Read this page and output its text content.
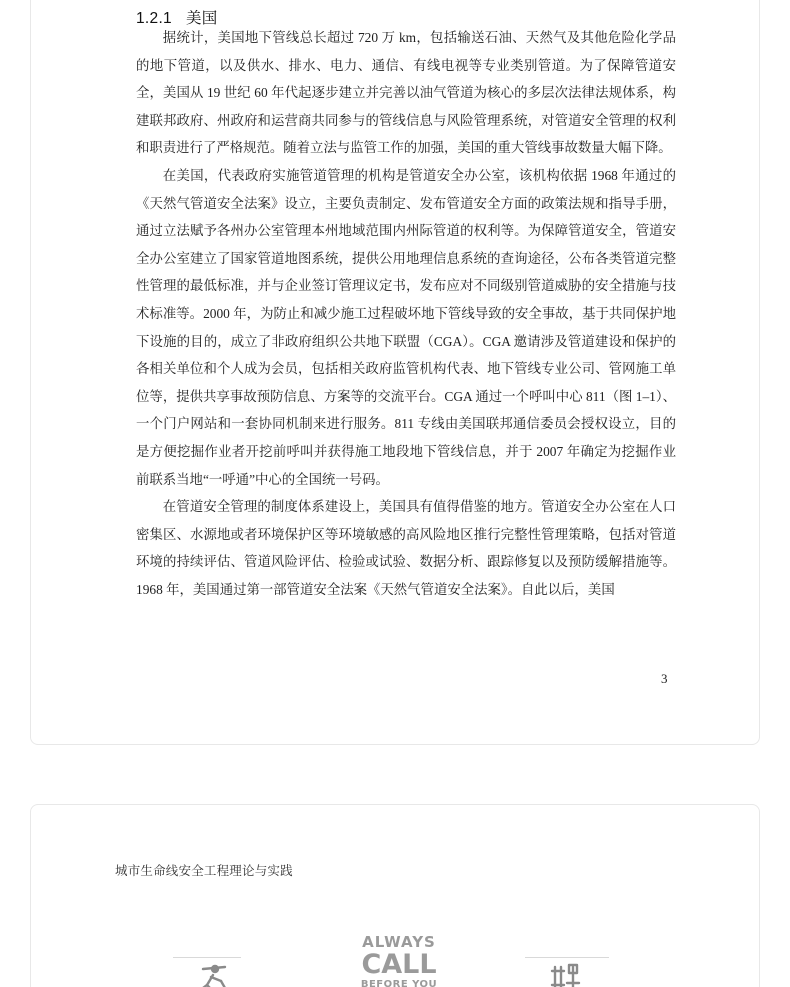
1.2.1 美国

据统计，美国地下管线总长超过 720 万 km，包括输送石油、天然气及其他危险化学品的地下管道，以及供水、排水、电力、通信、有线电视等专业类别管道。为了保障管道安全，美国从 19 世纪 60 年代起逐步建立并完善以油气管道为核心的多层次法律法规体系，构建联邦政府、州政府和运营商共同参与的管线信息与风险管理系统，对管道安全管理的权利和职责进行了严格规范。随着立法与监管工作的加强，美国的重大管线事故数量大幅下降。

在美国，代表政府实施管道管理的机构是管道安全办公室，该机构依据 1968 年通过的《天然气管道安全法案》设立，主要负责制定、发布管道安全方面的政策法规和指导手册，通过立法赋予各州办公室管理本州地域范围内州际管道的权利等。为保障管道安全，管道安全办公室建立了国家管道地图系统，提供公用地理信息系统的查询途径，公布各类管道完整性管理的最低标准，并与企业签订管理议定书，发布应对不同级别管道威胁的安全措施与技术标准等。2000 年，为防止和减少施工过程破坏地下管线导致的安全事故，基于共同保护地下设施的目的，成立了非政府组织公共地下联盟（CGA）。CGA 邀请涉及管道建设和保护的各相关单位和个人成为会员，包括相关政府监管机构代表、地下管线专业公司、管网施工单位等，提供共享事故预防信息、方案等的交流平台。CGA 通过一个呼叫中心 811（图 1–1）、一个门户网站和一套协同机制来进行服务。811 专线由美国联邦通信委员会授权设立，目的是方便挖掘作业者开挖前呼叫并获得施工地段地下管线信息，并于 2007 年确定为挖掘作业前联系当地“一呼通”中心的全国统一号码。

在管道安全管理的制度体系建设上，美国具有值得借鉴的地方。管道安全办公室在人口密集区、水源地或者环境保护区等环境敏感的高风险地区推行完整性管理策略，包括对管道环境的持续评估、管道风险评估、检验或试验、数据分析、跟踪修复以及预防缓解措施等。1968 年，美国通过第一部管道安全法案《天然气管道安全法案》。自此以后，美国

3
城市生命线安全工程理论与实践
ALWAYS
CALL
BEFORE YOU
